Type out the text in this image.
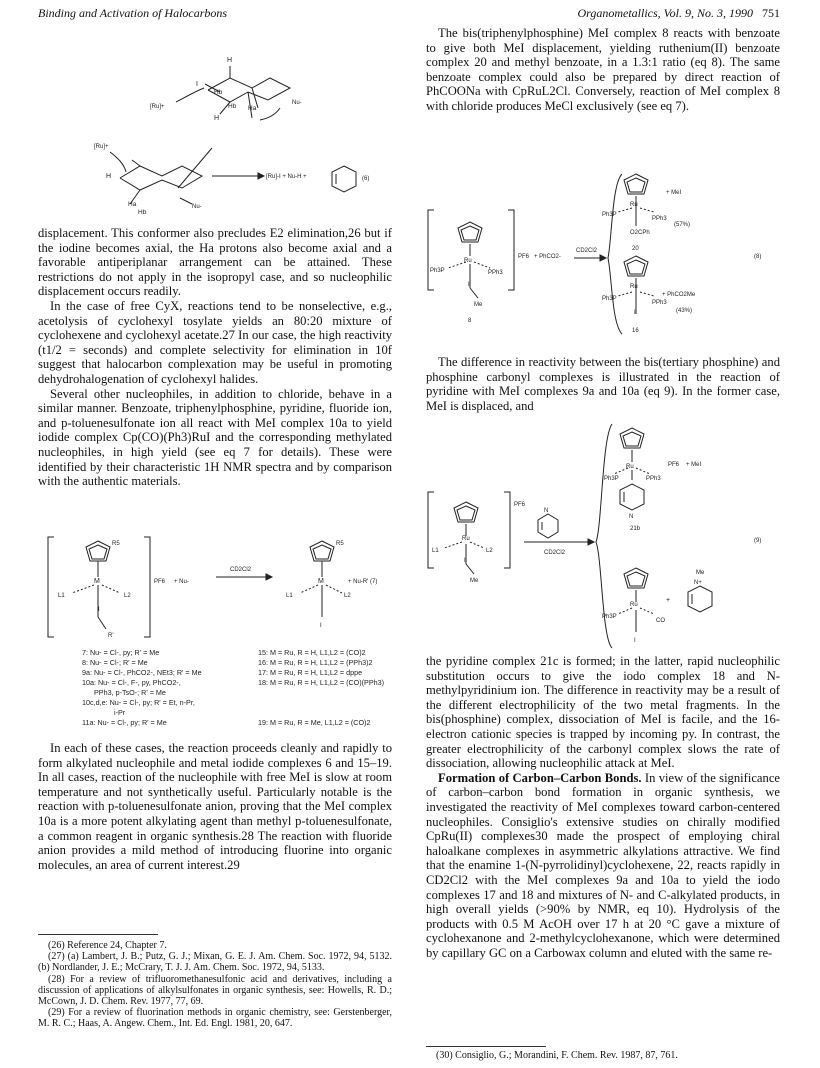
Binding and Activation of Halocarbons	Organometallics, Vol. 9, No. 3, 1990 751
H
I
Hb
[Ru]+	Hb Ha
H
Nu-
[Ru]+
H
Hb
Ha	Nu-
[Ru]-I + Nu-H +	(6)

displacement. This conformer also precludes E2 elimination,26 but if the iodine becomes axial, the Ha protons also become axial and a favorable antiperiplanar arrangement can be attained. These restrictions do not apply in the isopropyl case, and so nucleophilic displacement occurs readily.

In the case of free CyX, reactions tend to be nonselective, e.g., acetolysis of cyclohexyl tosylate yields an 80:20 mixture of cyclohexene and cyclohexyl acetate.27 In our case, the high reactivity (t1/2 = seconds) and complete selectivity for elimination in 10f suggest that halocarbon complexation may be useful in promoting dehydrohalogenation of cyclohexyl halides.

Several other nucleophiles, in addition to chloride, behave in a similar manner. Benzoate, triphenylphosphine, pyridine, fluoride ion, and p-toluenesulfonate ion all react with MeI complex 10a to yield iodide complex Cp(CO)(Ph3)RuI and the corresponding methylated nucleophiles, in high yield (see eq 7 for details). These were identified by their characteristic 1H NMR spectra and by comparison with the authentic materials.

R5
M	PF6 + Nu-
CD2Cl2
L1	L2
I
R'
R5
M	+ Nu-R' (7)
L1	L2
I
7: Nu- = Cl-, py; R' = Me
8: Nu- = Cl-; R' = Me
9a: Nu- = Cl-, PhCO2-, NEt3; R' = Me
10a: Nu- = Cl-, F-, py, PhCO2-,
PPh3, p-TsO-; R' = Me
10c,d,e: Nu- = Cl-, py; R' = Et, n-Pr,
i-Pr
11a: Nu- = Cl-, py; R' = Me
15: M = Ru, R = H, L1,L2 = (CO)2
16: M = Ru, R = H, L1,L2 = (PPh3)2
17: M = Ru, R = H, L1,L2 = dppe
18: M = Ru, R = H, L1,L2 = (CO)(PPh3)
19: M = Ru, R = Me, L1,L2 = (CO)2

In each of these cases, the reaction proceeds cleanly and rapidly to form alkylated nucleophile and metal iodide complexes 6 and 15–19. In all cases, reaction of the nucleophile with free MeI is slow at room temperature and not synthetically useful. Particularly notable is the reaction with p-toluenesulfonate anion, proving that the MeI complex 10a is a more potent alkylating agent than methyl p-toluenesulfonate, a common reagent in organic synthesis.28 The reaction with fluoride anion provides a mild method of introducing fluorine into organic molecules, an area of current interest.29

(26) Reference 24, Chapter 7.

(27) (a) Lambert, J. B.; Putz, G. J.; Mixan, G. E. J. Am. Chem. Soc. 1972, 94, 5132. (b) Nordlander, J. E.; McCrary, T. J. J. Am. Chem. Soc. 1972, 94, 5133.

(28) For a review of trifluoromethanesulfonic acid and derivatives, including a discussion of applications of alkylsulfonates in organic synthesis, see: Howells, R. D.; McCown, J. D. Chem. Rev. 1977, 77, 69.

(29) For a review of fluorination methods in organic chemistry, see: Gerstenberger, M. R. C.; Haas, A. Angew. Chem., Int. Ed. Engl. 1981, 20, 647.

The bis(triphenylphosphine) MeI complex 8 reacts with benzoate to give both MeI displacement, yielding ruthenium(II) benzoate complex 20 and methyl benzoate, in a 1.3:1 ratio (eq 8). The same benzoate complex could also be prepared by direct reaction of PhCOONa with CpRuL2Cl. Conversely, reaction of MeI complex 8 with chloride produces MeCl exclusively (see eq 7).

Ru
PF6 + PhCO2-
CD2Cl2
Ph3P	PPh3
I
Me
8
Ru
Ph3P
PPh3
O2CPh
+ MeI
(57%)
20
Ru
Ph3P
PPh3
I
+ PhCO2Me
(43%)
16
(8)

The difference in reactivity between the bis(tertiary phosphine) and phosphine carbonyl complexes is illustrated in the reaction of pyridine with MeI complexes 9a and 10a (eq 9). In the former case, MeI is displaced, and

Ru
PF6
L1	L2
I
Me
N
CD2Cl2
Ru
Ph3P	PPh3
PF6 + MeI
N
21b
Ru
Ph3P
CO
I
+
Me
N+
(9)

the pyridine complex 21c is formed; in the latter, rapid nucleophilic substitution occurs to give the iodo complex 18 and N-methylpyridinium ion. The difference in reactivity may be a result of the different electrophilicity of the two metal fragments. In the bis(phosphine) complex, dissociation of MeI is facile, and the 16-electron cationic species is trapped by incoming py. In contrast, the greater electrophilicity of the carbonyl complex slows the rate of dissociation, allowing nucleophilic attack at MeI.

Formation of Carbon–Carbon Bonds. In view of the significance of carbon–carbon bond formation in organic synthesis, we investigated the reactivity of MeI complexes toward carbon-centered nucleophiles. Consiglio's extensive studies on chirally modified CpRu(II) complexes30 made the prospect of employing chiral haloalkane complexes in asymmetric alkylations attractive. We find that the enamine 1-(N-pyrrolidinyl)cyclohexene, 22, reacts rapidly in CD2Cl2 with the MeI complexes 9a and 10a to yield the iodo complexes 17 and 18 and mixtures of N- and C-alkylated products, in high overall yields (>90% by NMR, eq 10). Hydrolysis of the products with 0.5 M AcOH over 17 h at 20 °C gave a mixture of cyclohexanone and 2-methylcyclohexanone, which were determined by capillary GC on a Carbowax column and eluted with the same re-

(30) Consiglio, G.; Morandini, F. Chem. Rev. 1987, 87, 761.
